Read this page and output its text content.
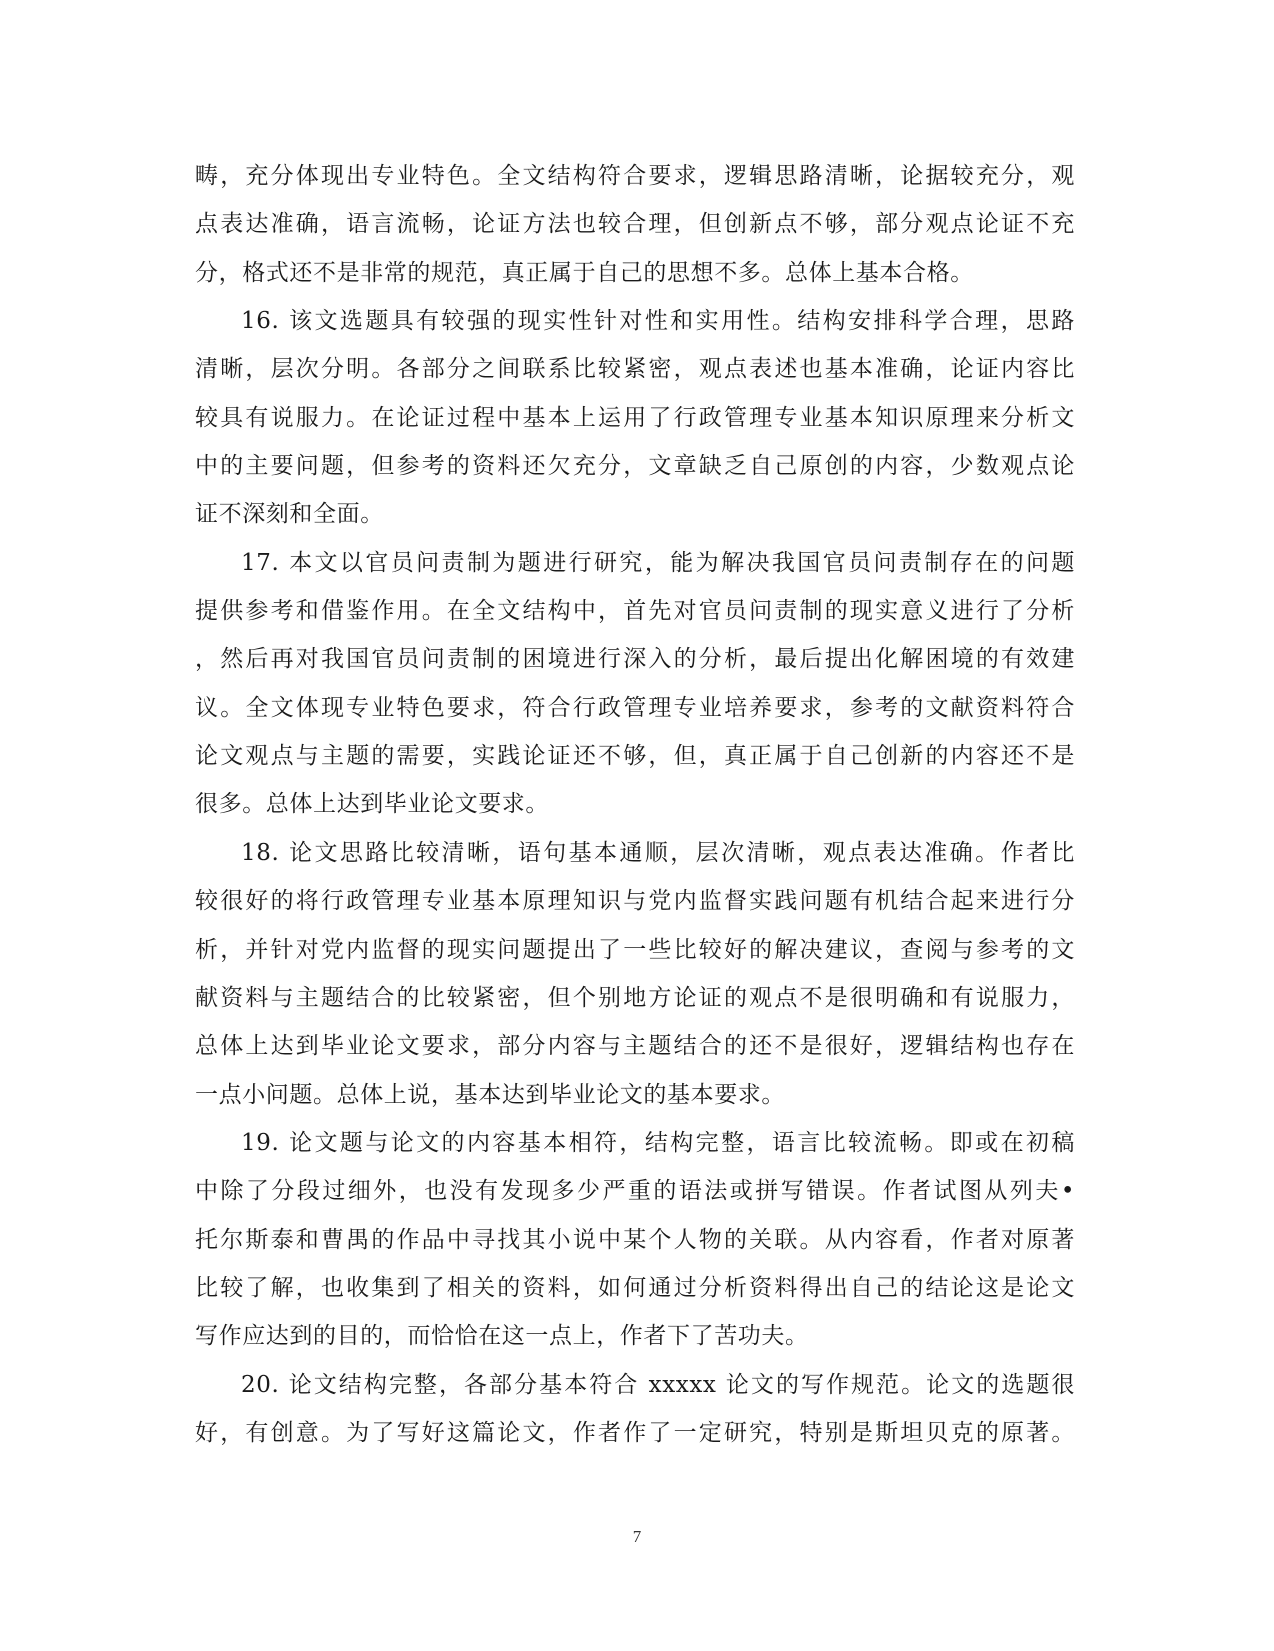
畴，充分体现出专业特色。全文结构符合要求，逻辑思路清晰，论据较充分，观
点表达准确，语言流畅，论证方法也较合理，但创新点不够，部分观点论证不充
分，格式还不是非常的规范，真正属于自己的思想不多。总体上基本合格。
16. 该文选题具有较强的现实性针对性和实用性。结构安排科学合理，思路
清晰，层次分明。各部分之间联系比较紧密，观点表述也基本准确，论证内容比
较具有说服力。在论证过程中基本上运用了行政管理专业基本知识原理来分析文
中的主要问题，但参考的资料还欠充分，文章缺乏自己原创的内容，少数观点论
证不深刻和全面。
17. 本文以官员问责制为题进行研究，能为解决我国官员问责制存在的问题
提供参考和借鉴作用。在全文结构中，首先对官员问责制的现实意义进行了分析
，然后再对我国官员问责制的困境进行深入的分析，最后提出化解困境的有效建
议。全文体现专业特色要求，符合行政管理专业培养要求，参考的文献资料符合
论文观点与主题的需要，实践论证还不够，但，真正属于自己创新的内容还不是
很多。总体上达到毕业论文要求。
18. 论文思路比较清晰，语句基本通顺，层次清晰，观点表达准确。作者比
较很好的将行政管理专业基本原理知识与党内监督实践问题有机结合起来进行分
析，并针对党内监督的现实问题提出了一些比较好的解决建议，查阅与参考的文
献资料与主题结合的比较紧密，但个别地方论证的观点不是很明确和有说服力，
总体上达到毕业论文要求，部分内容与主题结合的还不是很好，逻辑结构也存在
一点小问题。总体上说，基本达到毕业论文的基本要求。
19. 论文题与论文的内容基本相符，结构完整，语言比较流畅。即或在初稿
中除了分段过细外，也没有发现多少严重的语法或拼写错误。作者试图从列夫•
托尔斯泰和曹禺的作品中寻找其小说中某个人物的关联。从内容看，作者对原著
比较了解，也收集到了相关的资料，如何通过分析资料得出自己的结论这是论文
写作应达到的目的，而恰恰在这一点上，作者下了苦功夫。
20. 论文结构完整，各部分基本符合 xxxxx 论文的写作规范。论文的选题很
好，有创意。为了写好这篇论文，作者作了一定研究，特别是斯坦贝克的原著。
7
